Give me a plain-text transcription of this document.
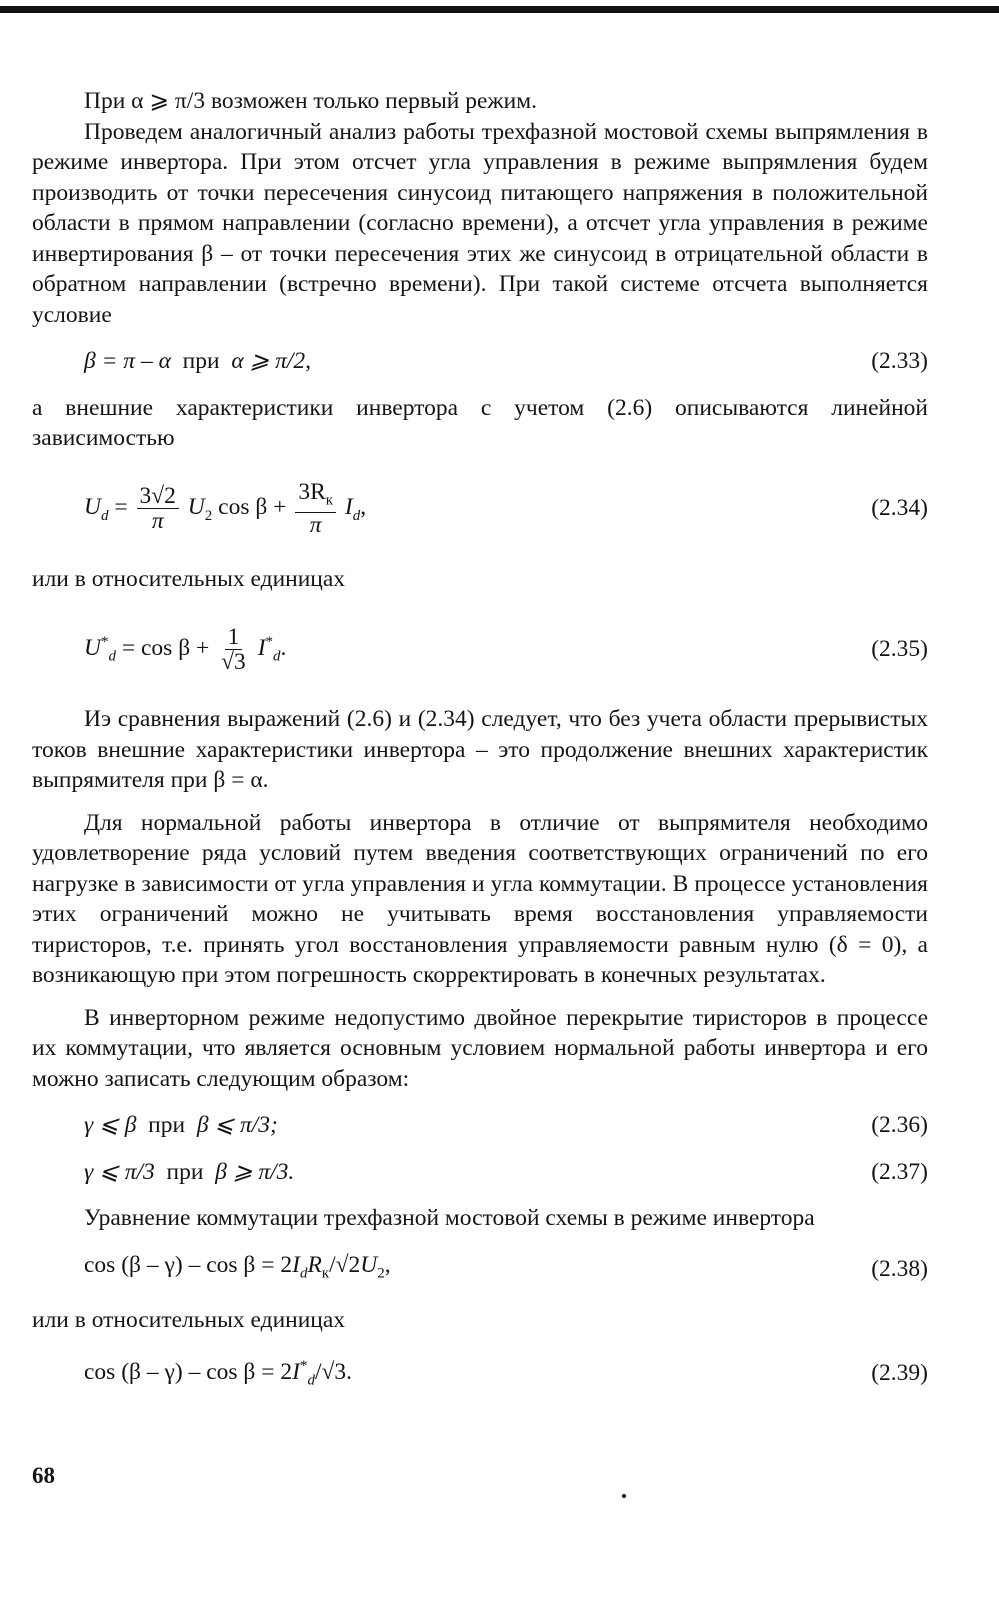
При α ⩾ π/3 возможен только первый режим.

Проведем аналогичный анализ работы трехфазной мостовой схемы выпрямления в режиме инвертора. При этом отсчет угла управления в режиме выпрямления будем производить от точки пересечения синусоид питающего напряжения в положительной области в прямом направлении (согласно времени), а отсчет угла управления в режиме инвертирования β – от точки пересечения этих же синусоид в отрицательной области в обратном направлении (встречно времени). При такой системе отсчета выполняется условие

β = π – α при α ⩾ π/2,	(2.33)

а внешние характеристики инвертора с учетом (2.6) описываются линейной зависимостью

$U_d = \frac{3√2}{\pi} U_2$ $\cos \beta + \frac{3R_к}{\pi} I_d$,	(2.34)

или в относительных единицах

$U^*_d = \cos \beta + \frac{1}{√3} I^*_d$.	(2.35)

Иэ сравнения выражений (2.6) и (2.34) следует, что без учета области прерывистых токов внешние характеристики инвертора – это продолжение внешних характеристик выпрямителя при β = α.

Для нормальной работы инвертора в отличие от выпрямителя необходимо удовлетворение ряда условий путем введения соответствующих ограничений по его нагрузке в зависимости от угла управления и угла коммутации. В процессе установления этих ограничений можно не учитывать время восстановления управляемости тиристоров, т.е. принять угол восстановления управляемости равным нулю (δ = 0), а возникающую при этом погрешность скорректировать в конечных результатах.

В инверторном режиме недопустимо двойное перекрытие тиристоров в процессе их коммутации, что является основным условием нормальной работы инвертора и его можно записать следующим образом:

γ ⩽ β при β ⩽ π/3;	(2.36)
γ ⩽ π/3 при β ⩾ π/3.	(2.37)

Уравнение коммутации трехфазной мостовой схемы в режиме инвертора

$\cos (\beta - \gamma) - \cos \beta = 2I_dR_к/√2U_2$,	(2.38)

или в относительных единицах

$\cos (\beta - \gamma) - \cos \beta = 2I^*_d/√3$.	(2.39)
68
